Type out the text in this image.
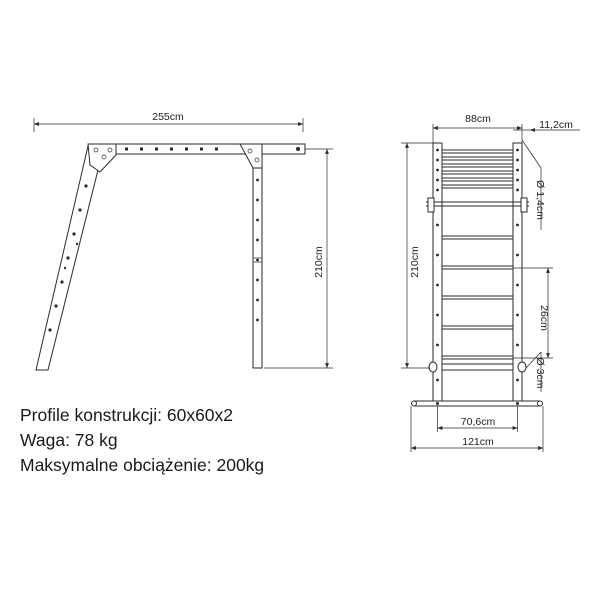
255cm
210cm
88cm	11,2cm
210cm
Ø 1,4cm
26cm
Ø 3cm
70,6cm
121cm
Profile konstrukcji: 60x60x2
Waga: 78 kg
Maksymalne obciążenie: 200kg
